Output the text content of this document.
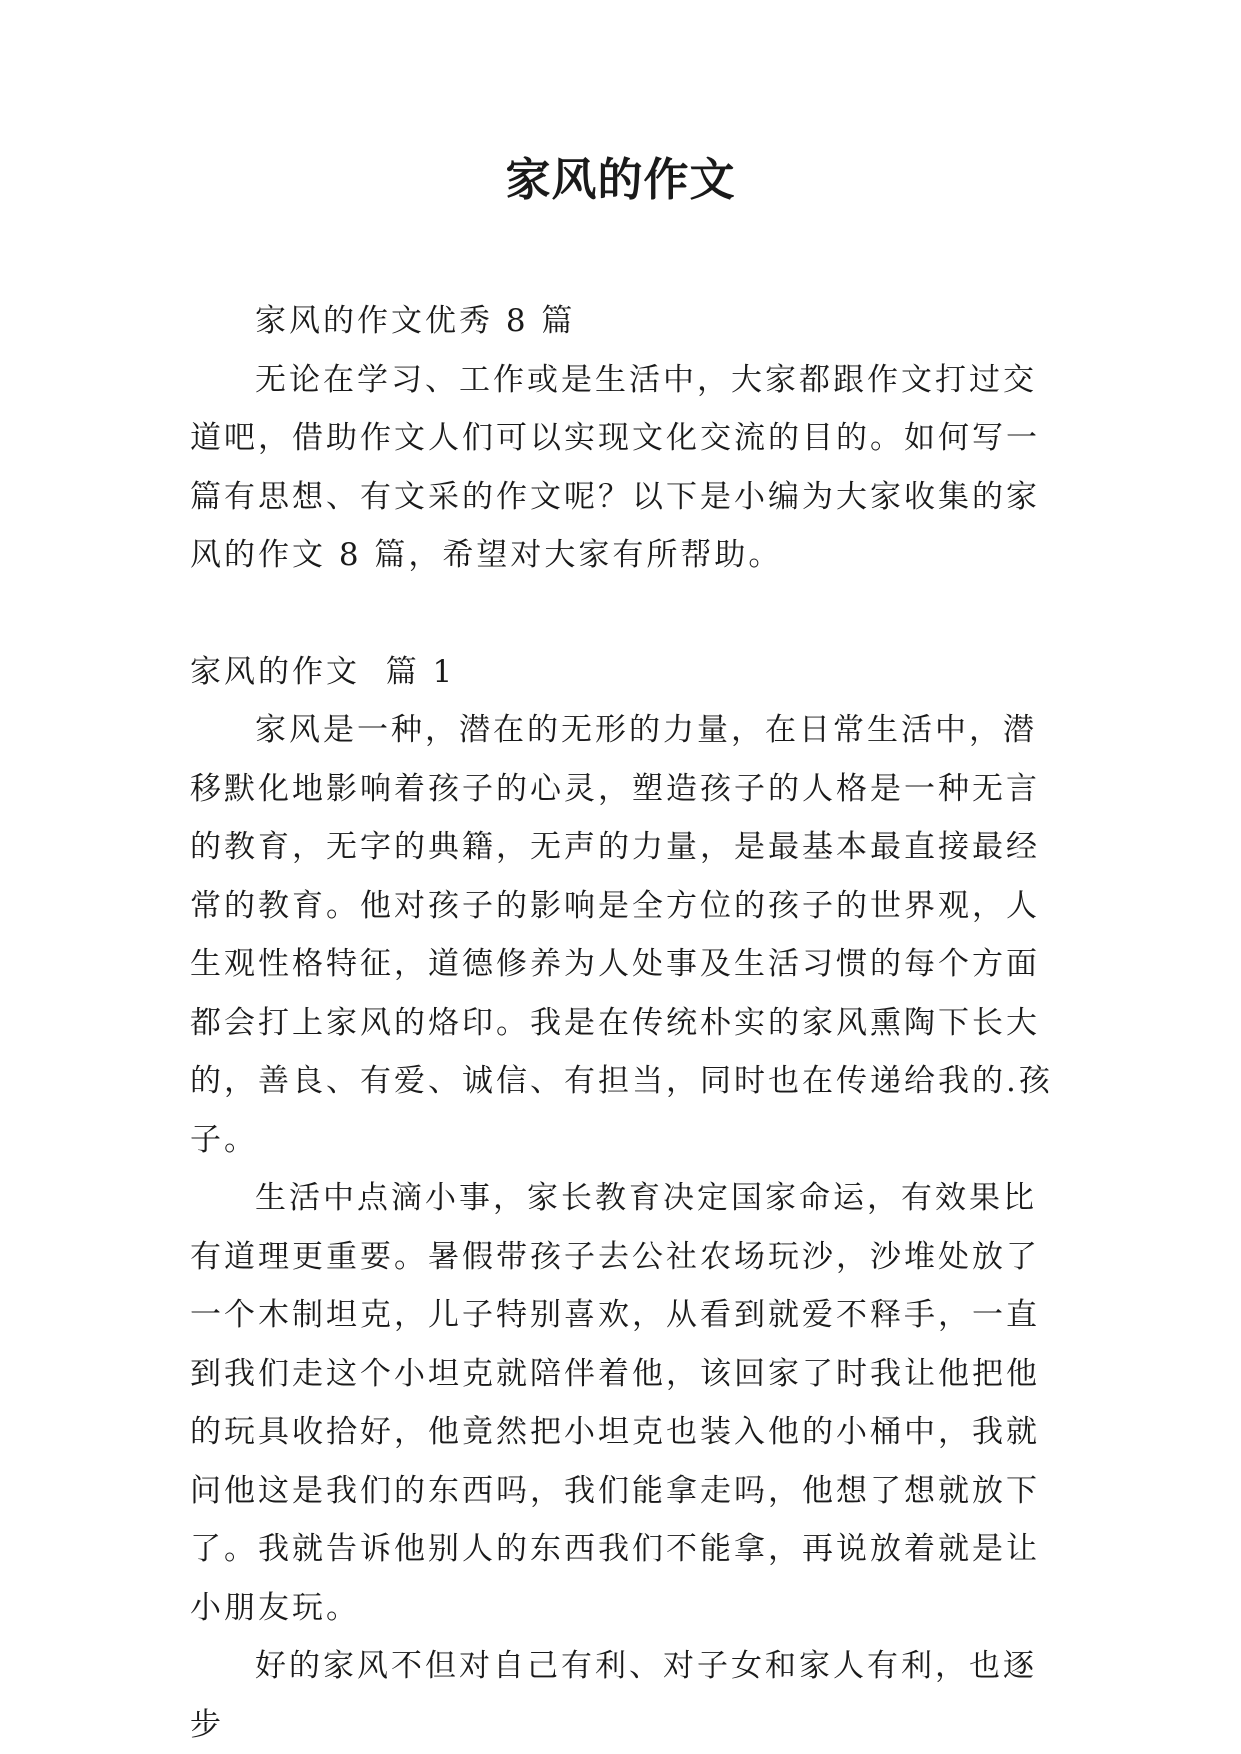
家风的作文

家风的作文优秀 8 篇

无论在学习、工作或是生活中，大家都跟作文打过交道吧，借助作文人们可以实现文化交流的目的。如何写一篇有思想、有文采的作文呢？以下是小编为大家收集的家风的作文 8 篇，希望对大家有所帮助。

家风的作文  篇 1

家风是一种，潜在的无形的力量，在日常生活中，潜移默化地影响着孩子的心灵，塑造孩子的人格是一种无言的教育，无字的典籍，无声的力量，是最基本最直接最经常的教育。他对孩子的影响是全方位的孩子的世界观，人生观性格特征，道德修养为人处事及生活习惯的每个方面都会打上家风的烙印。我是在传统朴实的家风熏陶下长大的，善良、有爱、诚信、有担当，同时也在传递给我的.孩子。

生活中点滴小事，家长教育决定国家命运，有效果比有道理更重要。暑假带孩子去公社农场玩沙，沙堆处放了一个木制坦克，儿子特别喜欢，从看到就爱不释手，一直到我们走这个小坦克就陪伴着他，该回家了时我让他把他的玩具收拾好，他竟然把小坦克也装入他的小桶中，我就问他这是我们的东西吗，我们能拿走吗，他想了想就放下了。我就告诉他别人的东西我们不能拿，再说放着就是让小朋友玩。

好的家风不但对自己有利、对子女和家人有利，也逐步
